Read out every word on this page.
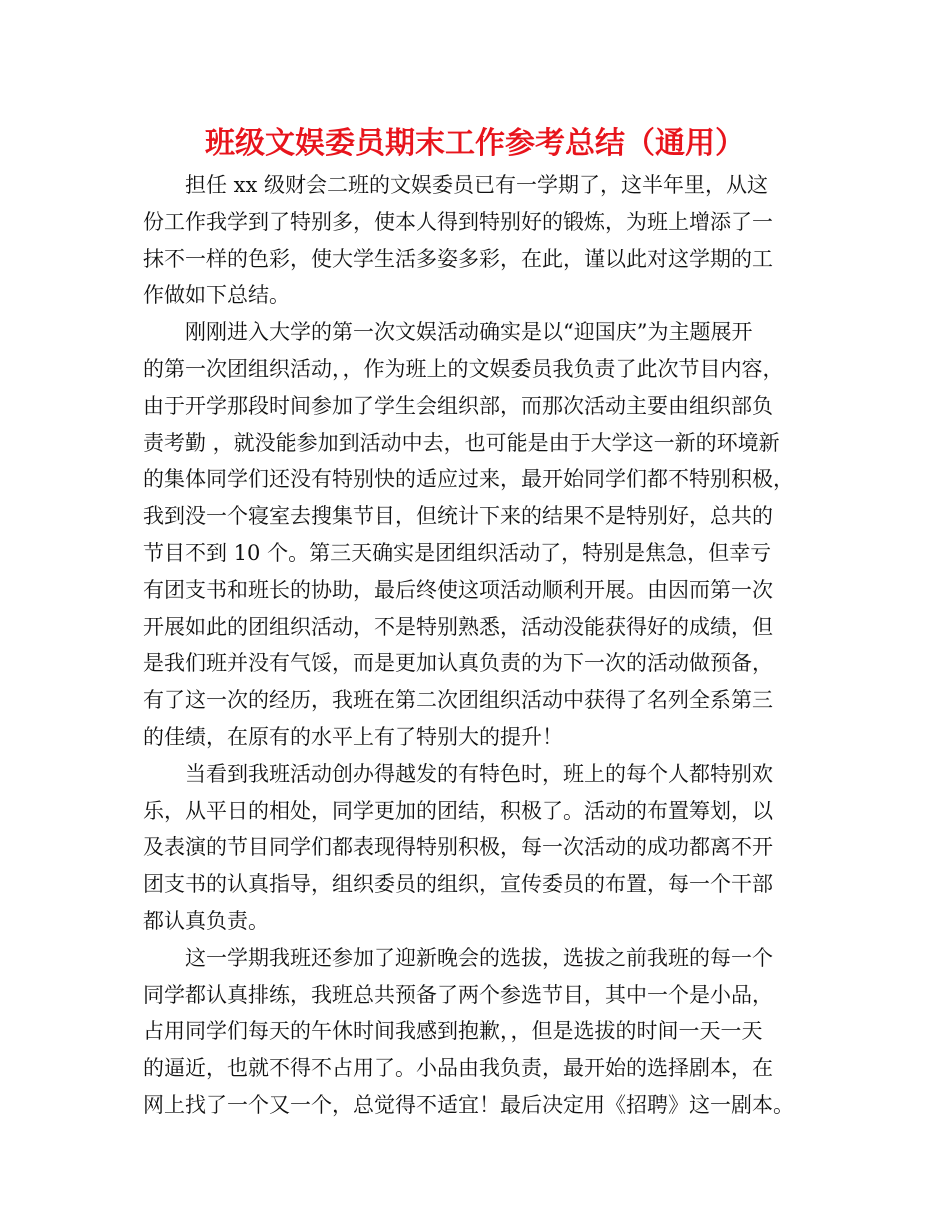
班级文娱委员期末工作参考总结（通用）
担任 xx 级财会二班的文娱委员已有一学期了，这半年里，从这
份工作我学到了特别多，使本人得到特别好的锻炼，为班上增添了一
抹不一样的色彩，使大学生活多姿多彩，在此，谨以此对这学期的工
作做如下总结。
刚刚进入大学的第一次文娱活动确实是以“迎国庆”为主题展开
的第一次团组织活动，，作为班上的文娱委员我负责了此次节目内容，
由于开学那段时间参加了学生会组织部，而那次活动主要由组织部负
责考勤 ，就没能参加到活动中去，也可能是由于大学这一新的环境新
的集体同学们还没有特别快的适应过来，最开始同学们都不特别积极，
我到没一个寝室去搜集节目，但统计下来的结果不是特别好，总共的
节目不到 10 个。第三天确实是团组织活动了，特别是焦急，但幸亏
有团支书和班长的协助，最后终使这项活动顺利开展。由因而第一次
开展如此的团组织活动，不是特别熟悉，活动没能获得好的成绩，但
是我们班并没有气馁，而是更加认真负责的为下一次的活动做预备，
有了这一次的经历，我班在第二次团组织活动中获得了名列全系第三
的佳绩，在原有的水平上有了特别大的提升！
当看到我班活动创办得越发的有特色时，班上的每个人都特别欢
乐，从平日的相处，同学更加的团结，积极了。活动的布置筹划，以
及表演的节目同学们都表现得特别积极，每一次活动的成功都离不开
团支书的认真指导，组织委员的组织，宣传委员的布置，每一个干部
都认真负责。
这一学期我班还参加了迎新晚会的选拔，选拔之前我班的每一个
同学都认真排练，我班总共预备了两个参选节目，其中一个是小品，
占用同学们每天的午休时间我感到抱歉，，但是选拔的时间一天一天
的逼近，也就不得不占用了。小品由我负责，最开始的选择剧本，在
网上找了一个又一个，总觉得不适宜！最后决定用《招聘》这一剧本。
